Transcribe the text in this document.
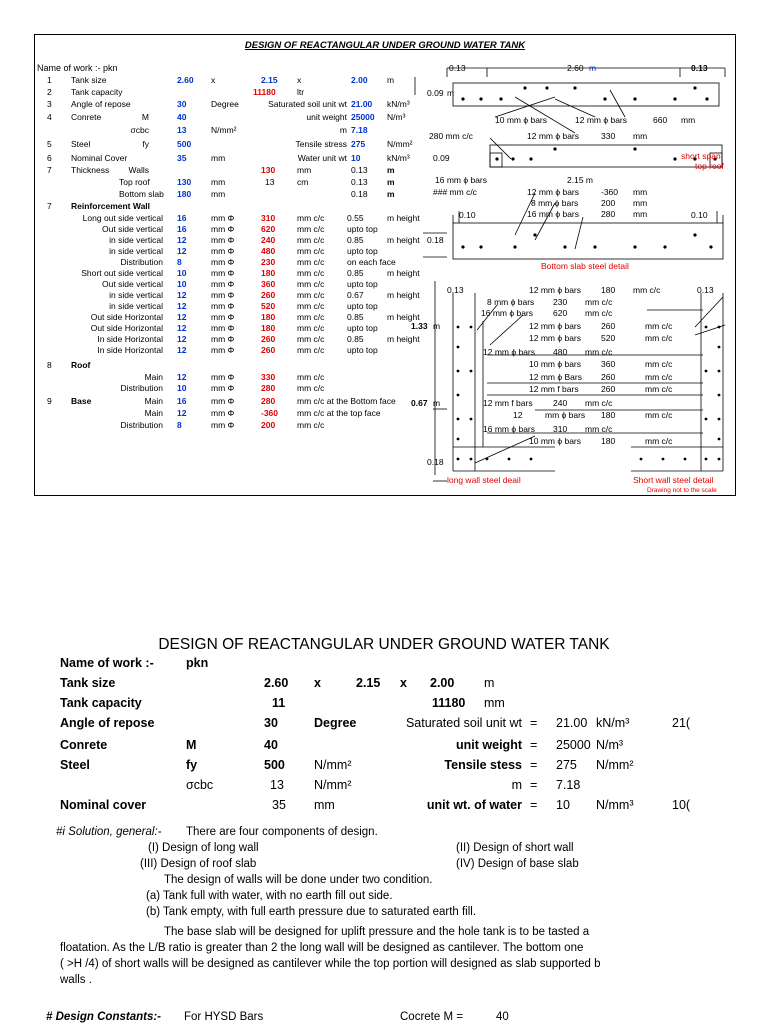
DESIGN OF REACTANGULAR UNDER GROUND WATER TANK
Name of work :- pkn
1 Tank size	2.60 x	2.15 x	2.00 m
2 Tank capacity	11180	ltr
3 Angle of repose	30	Degree	Saturated soil unit wt 21.00 kN/m³
4 Conrete	M	40	unit weight 25000 N/m³
σcbc	13	N/mm²	m 7.18
5 Steel	fy	500	Tensile stress 275	N/mm²
6 Nominal Cover	35	mm	Water unit wt 10	kN/m³
7 Thickness	Walls	130	mm	0.13 m
Top roof	130 mm	13	cm	0.13 m
Bottom slab 180 mm	0.18 m
7 Reinforcement Wall
Long out side vertical 16	mm Φ	310	mm c/c	0.55	m height
Out side vertical 16	mm Φ	620	mm c/c	upto top
in side vertical 12	mm Φ	240	mm c/c	0.85	m height
in side vertical 12	mm Φ	480	mm c/c	upto top
Distribution 8	mm Φ	230	mm c/c	on each face
Short out side vertical 10	mm Φ	180	mm c/c	0.85	m height
Out side vertical 10	mm Φ	360	mm c/c	upto top
in side vertical 12	mm Φ	260	mm c/c	0.67	m height
in side vertical 12	mm Φ	520	mm c/c	upto top
Out side Horizontal 12	mm Φ	180	mm c/c	0.85	m height
Out side Horizontal 12	mm Φ	180	mm c/c	upto top
In side Horizontal 12	mm Φ	260	mm c/c	0.85	m height
In side Horizontal 12	mm Φ	260	mm c/c	upto top
8 Roof
Main 12	mm Φ	330	mm c/c
Distribution 10	mm Φ	280	mm c/c
9 Base	Main 16	mm Φ	280	mm c/c at the Bottom face
Main 12	mm Φ	-360 mm c/c at the top face
Distribution 8	mm Φ	200	mm c/c
0.13	2.60 m	0.13
0.09 m
10 mm ϕ bars	12 mm ϕ bars	660 mm
280 mm c/c	12 mm ϕ bars	330 mm
0.09	short span
top roof
16 mm ϕ bars	2.15 m
### mm c/c	12 mm ϕ bars	-360 mm
8 mm ϕ bars	200 mm
16 mm ϕ bars	280 mm
0.10	0.10
0.18
Bottom slab steel detail
0.13	12 mm ϕ bars 180 mm c/c	0.13
8 mm ϕ bars 230 mm c/c
16 mm ϕ bars 620 mm c/c
12 mm ϕ bars 260	mm c/c
1.33 m
12 mm ϕ bars 520	mm c/c
12 mm ϕ bars 480 mm c/c
10 mm ϕ bars 360	mm c/c
12 mm ϕ Bars 260	mm c/c
12 mm f bars	260	mm c/c
0.67 m	12 mm f bars 240 mm c/c
12	mm ϕ bars 180	mm c/c
16 mm ϕ bars 310 mm c/c
10 mm ϕ bars 180	mm c/c
0.18
long wall steel deail	Short wall steel detail
Drawing not to the scale
DESIGN OF REACTANGULAR UNDER GROUND WATER TANK
Name of work :-	pkn
Tank size	2.60 x	2.15 x 2.00 m
Tank capacity	11	11180 mm
Angle of repose	30	Degree	Saturated soil unit wt = 21.00 kN/m³	21(
Conrete	M	40	unit weight = 25000 N/m³
Steel	fy	500 N/mm²	Tensile stess = 275 N/mm²
σcbc	13 N/mm²	m = 7.18
Nominal cover	35 mm	unit wt. of water = 10 N/mm³	10(
#i Solution, general:- There are four components of design.
(I) Design of long wall	(II) Design of short wall
(III) Design of roof slab	(IV) Design of base slab
The design of walls will be done under two condition.
(a) Tank full with water, with no earth fill out side.
(b) Tank empty, with full earth pressure due to saturated earth fill.
The base slab will be designed for uplift pressure and the hole tank is to be tasted a
floatation. As the L/B ratio is greater than 2 the long wall will be designed as cantilever. The bottom one
( >H /4) of short walls will be designed as cantilever while the top portion will designed as slab supported b
walls .
# Design Constants:- For HYSD Bars	Cocrete M =	40
